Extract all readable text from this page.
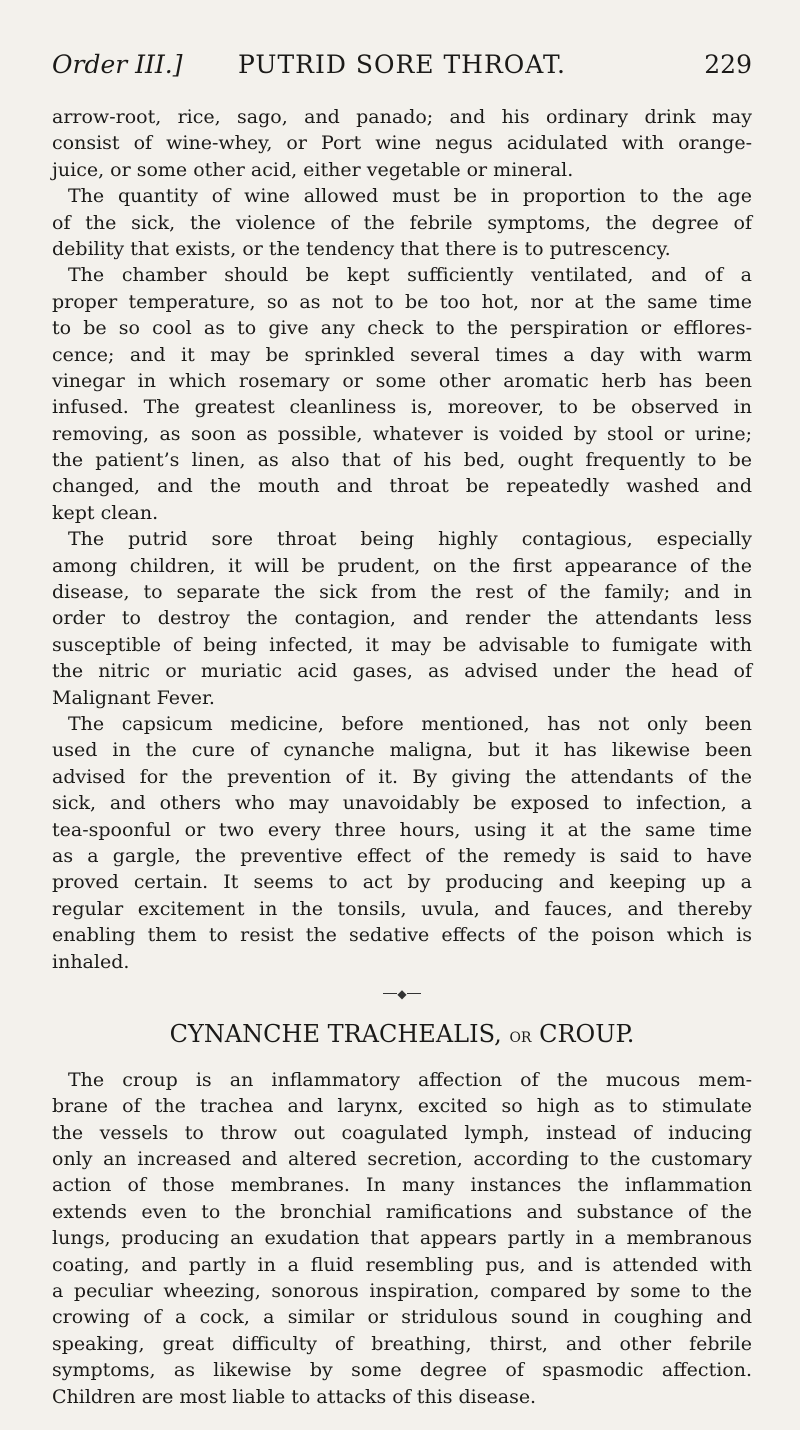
Order III.]	PUTRID SORE THROAT.	229
arrow-root, rice, sago, and panado; and his ordinary drink may
consist of wine-whey, or Port wine negus acidulated with orange-
juice, or some other acid, either vegetable or mineral.
The quantity of wine allowed must be in proportion to the age
of the sick, the violence of the febrile symptoms, the degree of
debility that exists, or the tendency that there is to putrescency.
The chamber should be kept sufficiently ventilated, and of a
proper temperature, so as not to be too hot, nor at the same time
to be so cool as to give any check to the perspiration or efflores-
cence; and it may be sprinkled several times a day with warm
vinegar in which rosemary or some other aromatic herb has been
infused. The greatest cleanliness is, moreover, to be observed in
removing, as soon as possible, whatever is voided by stool or urine;
the patient’s linen, as also that of his bed, ought frequently to be
changed, and the mouth and throat be repeatedly washed and
kept clean.
The putrid sore throat being highly contagious, especially
among children, it will be prudent, on the first appearance of the
disease, to separate the sick from the rest of the family; and in
order to destroy the contagion, and render the attendants less
susceptible of being infected, it may be advisable to fumigate with
the nitric or muriatic acid gases, as advised under the head of
Malignant Fever.
The capsicum medicine, before mentioned, has not only been
used in the cure of cynanche maligna, but it has likewise been
advised for the prevention of it. By giving the attendants of the
sick, and others who may unavoidably be exposed to infection, a
tea-spoonful or two every three hours, using it at the same time
as a gargle, the preventive effect of the remedy is said to have
proved certain. It seems to act by producing and keeping up a
regular excitement in the tonsils, uvula, and fauces, and thereby
enabling them to resist the sedative effects of the poison which is
inhaled.
◆
CYNANCHE TRACHEALIS, OR CROUP.
The croup is an inflammatory affection of the mucous mem-
brane of the trachea and larynx, excited so high as to stimulate
the vessels to throw out coagulated lymph, instead of inducing
only an increased and altered secretion, according to the customary
action of those membranes. In many instances the inflammation
extends even to the bronchial ramifications and substance of the
lungs, producing an exudation that appears partly in a membranous
coating, and partly in a fluid resembling pus, and is attended with
a peculiar wheezing, sonorous inspiration, compared by some to the
crowing of a cock, a similar or stridulous sound in coughing and
speaking, great difficulty of breathing, thirst, and other febrile
symptoms, as likewise by some degree of spasmodic affection.
Children are most liable to attacks of this disease.
